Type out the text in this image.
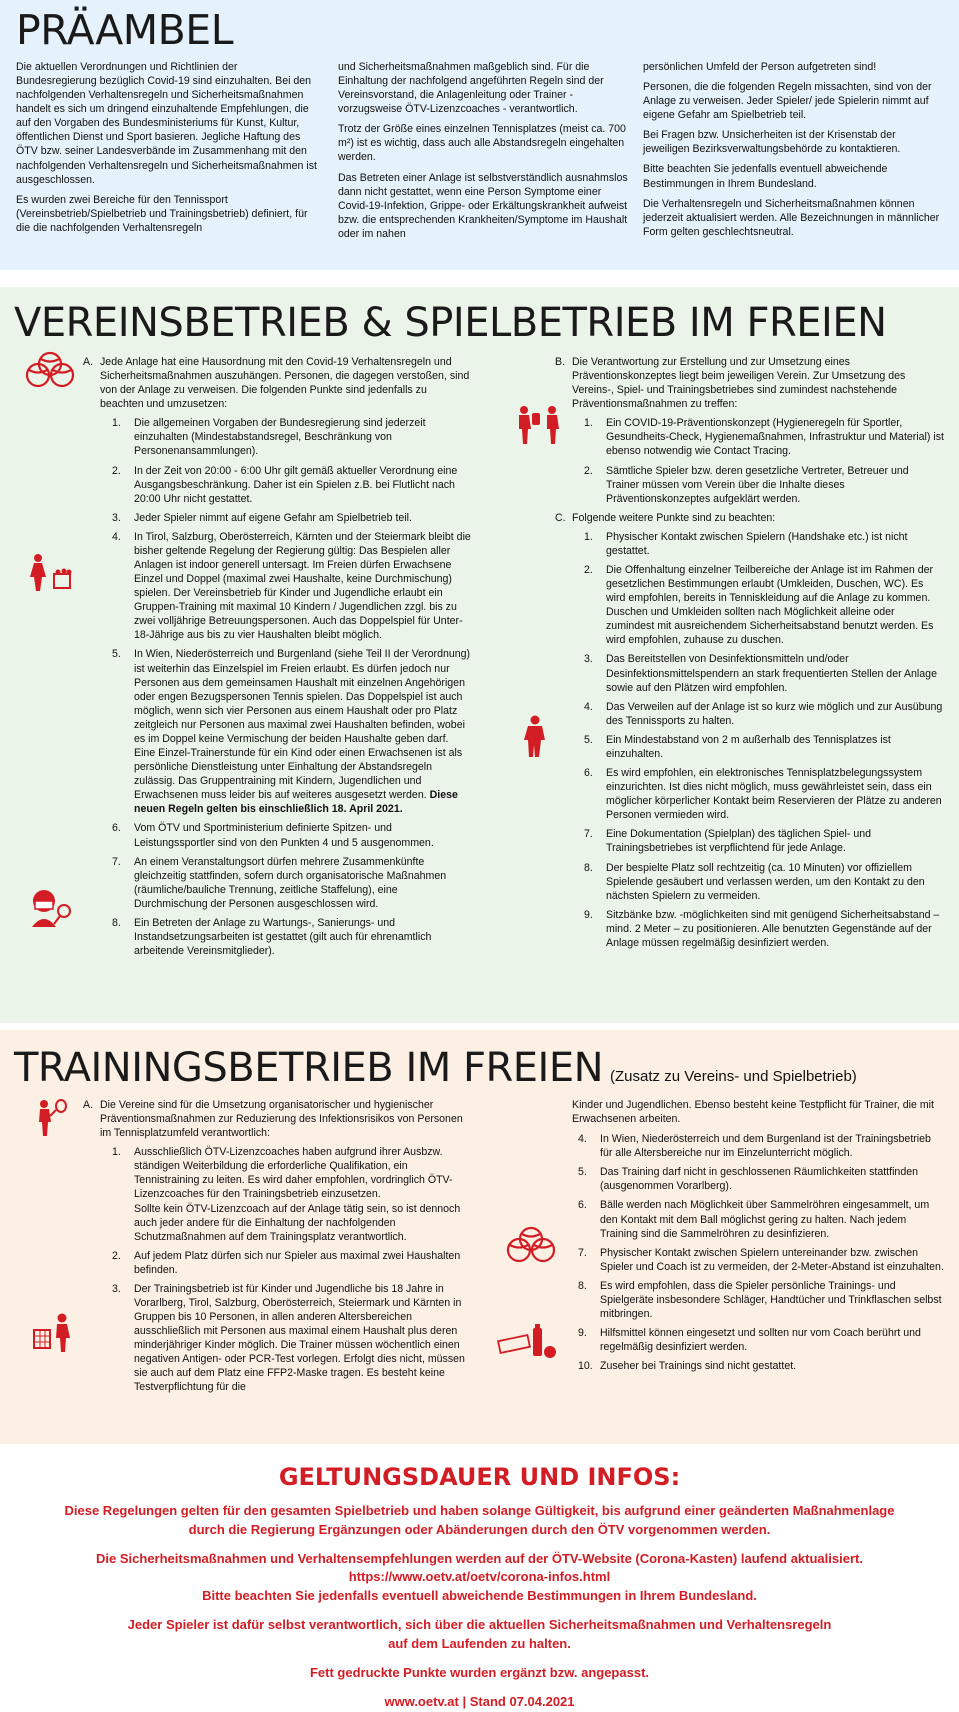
PRÄAMBEL

Die aktuellen Verordnungen und Richtlinien der Bundesregierung bezüglich Covid-19 sind einzuhalten. Bei den nachfolgenden Verhaltensregeln und Sicherheitsmaßnahmen handelt es sich um dringend einzuhaltende Empfehlungen, die auf den Vorgaben des Bundesministeriums für Kunst, Kultur, öffentlichen Dienst und Sport basieren. Jegliche Haftung des ÖTV bzw. seiner Landesverbände im Zusammenhang mit den nachfolgenden Verhaltensregeln und Sicherheitsmaßnahmen ist ausgeschlossen.

Es wurden zwei Bereiche für den Tennissport (Vereinsbetrieb/Spielbetrieb und Trainingsbetrieb) definiert, für die die nachfolgenden Verhaltensregeln

und Sicherheitsmaßnahmen maßgeblich sind. Für die Einhaltung der nachfolgend angeführten Regeln sind der Vereinsvorstand, die Anlagenleitung oder Trainer - vorzugsweise ÖTV-Lizenzcoaches - verantwortlich.

Trotz der Größe eines einzelnen Tennisplatzes (meist ca. 700 m²) ist es wichtig, dass auch alle Abstandsregeln eingehalten werden.

Das Betreten einer Anlage ist selbstverständlich ausnahmslos dann nicht gestattet, wenn eine Person Symptome einer Covid-19-Infektion, Grippe- oder Erkältungskrankheit aufweist bzw. die entsprechenden Krankheiten/Symptome im Haushalt oder im nahen

persönlichen Umfeld der Person aufgetreten sind!

Personen, die die folgenden Regeln missachten, sind von der Anlage zu verweisen. Jeder Spieler/ jede Spielerin nimmt auf eigene Gefahr am Spielbetrieb teil.

Bei Fragen bzw. Unsicherheiten ist der Krisenstab der jeweiligen Bezirksverwaltungsbehörde zu kontaktieren.

Bitte beachten Sie jedenfalls eventuell abweichende Bestimmungen in Ihrem Bundesland.

Die Verhaltensregeln und Sicherheitsmaßnahmen können jederzeit aktualisiert werden. Alle Bezeichnungen in männlicher Form gelten geschlechtsneutral.

VEREINSBETRIEB & SPIELBETRIEB IM FREIEN
A. Jede Anlage hat eine Hausordnung mit den Covid-19 Verhaltensregeln und Sicherheitsmaßnahmen auszuhängen. Personen, die dagegen verstoßen, sind von der Anlage zu verweisen. Die folgenden Punkte sind jedenfalls zu beachten und umzusetzen:
1. Die allgemeinen Vorgaben der Bundesregierung sind jederzeit einzuhalten (Mindestabstandsregel, Beschränkung von Personenansammlungen).
2. In der Zeit von 20:00 - 6:00 Uhr gilt gemäß aktueller Verordnung eine Ausgangsbeschränkung. Daher ist ein Spielen z.B. bei Flutlicht nach 20:00 Uhr nicht gestattet.
3. Jeder Spieler nimmt auf eigene Gefahr am Spielbetrieb teil.
4. In Tirol, Salzburg, Oberösterreich, Kärnten und der Steiermark bleibt die bisher geltende Regelung der Regierung gültig: Das Bespielen aller Anlagen ist indoor generell untersagt. Im Freien dürfen Erwachsene Einzel und Doppel (maximal zwei Haushalte, keine Durchmischung) spielen. Der Vereinsbetrieb für Kinder und Jugendliche erlaubt ein Gruppen-Training mit maximal 10 Kindern / Jugendlichen zzgl. bis zu zwei volljährige Betreuungspersonen. Auch das Doppelspiel für Unter-18-Jährige aus bis zu vier Haushalten bleibt möglich.
5. In Wien, Niederösterreich und Burgenland (siehe Teil II der Verordnung) ist weiterhin das Einzelspiel im Freien erlaubt. Es dürfen jedoch nur Personen aus dem gemeinsamen Haushalt mit einzelnen Angehörigen oder engen Bezugspersonen Tennis spielen. Das Doppelspiel ist auch möglich, wenn sich vier Personen aus einem Haushalt oder pro Platz zeitgleich nur Personen aus maximal zwei Haushalten befinden, wobei es im Doppel keine Vermischung der beiden Haushalte geben darf. Eine Einzel-Trainerstunde für ein Kind oder einen Erwachsenen ist als persönliche Dienstleistung unter Einhaltung der Abstandsregeln zulässig. Das Gruppentraining mit Kindern, Jugendlichen und Erwachsenen muss leider bis auf weiteres ausgesetzt werden. Diese neuen Regeln gelten bis einschließlich 18. April 2021.
6. Vom ÖTV und Sportministerium definierte Spitzen- und Leistungssportler sind von den Punkten 4 und 5 ausgenommen.
7. An einem Veranstaltungsort dürfen mehrere Zusammenkünfte gleichzeitig stattfinden, sofern durch organisatorische Maßnahmen (räumliche/bauliche Trennung, zeitliche Staffelung), eine Durchmischung der Personen ausgeschlossen wird.
8. Ein Betreten der Anlage zu Wartungs-, Sanierungs- und Instandsetzungsarbeiten ist gestattet (gilt auch für ehrenamtlich arbeitende Vereinsmitglieder).
B. Die Verantwortung zur Erstellung und zur Umsetzung eines Präventionskonzeptes liegt beim jeweiligen Verein. Zur Umsetzung des Vereins-, Spiel- und Trainingsbetriebes sind zumindest nachstehende Präventionsmaßnahmen zu treffen:
1. Ein COVID-19-Präventionskonzept (Hygieneregeln für Sportler, Gesundheits-Check, Hygienemaßnahmen, Infrastruktur und Material) ist ebenso notwendig wie Contact Tracing.
2. Sämtliche Spieler bzw. deren gesetzliche Vertreter, Betreuer und Trainer müssen vom Verein über die Inhalte dieses Präventionskonzeptes aufgeklärt werden.
C. Folgende weitere Punkte sind zu beachten:
1. Physischer Kontakt zwischen Spielern (Handshake etc.) ist nicht gestattet.
2. Die Offenhaltung einzelner Teilbereiche der Anlage ist im Rahmen der gesetzlichen Bestimmungen erlaubt (Umkleiden, Duschen, WC). Es wird empfohlen, bereits in Tenniskleidung auf die Anlage zu kommen. Duschen und Umkleiden sollten nach Möglichkeit alleine oder zumindest mit ausreichendem Sicherheitsabstand benutzt werden. Es wird empfohlen, zuhause zu duschen.
3. Das Bereitstellen von Desinfektionsmitteln und/oder Desinfektionsmittelspendern an stark frequentierten Stellen der Anlage sowie auf den Plätzen wird empfohlen.
4. Das Verweilen auf der Anlage ist so kurz wie möglich und zur Ausübung des Tennissports zu halten.
5. Ein Mindestabstand von 2 m außerhalb des Tennisplatzes ist einzuhalten.
6. Es wird empfohlen, ein elektronisches Tennisplatzbelegungssystem einzurichten. Ist dies nicht möglich, muss gewährleistet sein, dass ein möglicher körperlicher Kontakt beim Reservieren der Plätze zu anderen Personen vermieden wird.
7. Eine Dokumentation (Spielplan) des täglichen Spiel- und Trainingsbetriebes ist verpflichtend für jede Anlage.
8. Der bespielte Platz soll rechtzeitig (ca. 10 Minuten) vor offiziellem Spielende gesäubert und verlassen werden, um den Kontakt zu den nächsten Spielern zu vermeiden.
9. Sitzbänke bzw. -möglichkeiten sind mit genügend Sicherheitsabstand – mind. 2 Meter – zu positionieren. Alle benutzten Gegenstände auf der Anlage müssen regelmäßig desinfiziert werden.
TRAININGSBETRIEB IM FREIEN (Zusatz zu Vereins- und Spielbetrieb)
A. Die Vereine sind für die Umsetzung organisatorischer und hygienischer Präventionsmaßnahmen zur Reduzierung des Infektionsrisikos von Personen im Tennisplatzumfeld verantwortlich:
1. Ausschließlich ÖTV-Lizenzcoaches haben aufgrund ihrer Ausbzw. ständigen Weiterbildung die erforderliche Qualifikation, ein Tennistraining zu leiten. Es wird daher empfohlen, vordringlich ÖTV-Lizenzcoaches für den Trainingsbetrieb einzusetzen.
Sollte kein ÖTV-Lizenzcoach auf der Anlage tätig sein, so ist dennoch auch jeder andere für die Einhaltung der nachfolgenden Schutzmaßnahmen auf dem Trainingsplatz verantwortlich.
2. Auf jedem Platz dürfen sich nur Spieler aus maximal zwei Haushalten befinden.
3. Der Trainingsbetrieb ist für Kinder und Jugendliche bis 18 Jahre in Vorarlberg, Tirol, Salzburg, Oberösterreich, Steiermark und Kärnten in Gruppen bis 10 Personen, in allen anderen Altersbereichen ausschließlich mit Personen aus maximal einem Haushalt plus deren minderjähriger Kinder möglich. Die Trainer müssen wöchentlich einen negativen Antigen- oder PCR-Test vorlegen. Erfolgt dies nicht, müssen sie auch auf dem Platz eine FFP2-Maske tragen. Es besteht keine Testverpflichtung für die

Kinder und Jugendlichen. Ebenso besteht keine Testpflicht für Trainer, die mit Erwachsenen arbeiten.

4. In Wien, Niederösterreich und dem Burgenland ist der Trainingsbetrieb für alle Altersbereiche nur im Einzelunterricht möglich.
5. Das Training darf nicht in geschlossenen Räumlichkeiten stattfinden (ausgenommen Vorarlberg).
6. Bälle werden nach Möglichkeit über Sammelröhren eingesammelt, um den Kontakt mit dem Ball möglichst gering zu halten. Nach jedem Training sind die Sammelröhren zu desinfizieren.
7. Physischer Kontakt zwischen Spielern untereinander bzw. zwischen Spieler und Coach ist zu vermeiden, der 2-Meter-Abstand ist einzuhalten.
8. Es wird empfohlen, dass die Spieler persönliche Trainings- und Spielgeräte insbesondere Schläger, Handtücher und Trinkflaschen selbst mitbringen.
9. Hilfsmittel können eingesetzt und sollten nur vom Coach berührt und regelmäßig desinfiziert werden.
10. Zuseher bei Trainings sind nicht gestattet.
GELTUNGSDAUER UND INFOS:

Diese Regelungen gelten für den gesamten Spielbetrieb und haben solange Gültigkeit, bis aufgrund einer geänderten Maßnahmenlage

durch die Regierung Ergänzungen oder Abänderungen durch den ÖTV vorgenommen werden.

Die Sicherheitsmaßnahmen und Verhaltensempfehlungen werden auf der ÖTV-Website (Corona-Kasten) laufend aktualisiert.

https://www.oetv.at/oetv/corona-infos.html

Bitte beachten Sie jedenfalls eventuell abweichende Bestimmungen in Ihrem Bundesland.

Jeder Spieler ist dafür selbst verantwortlich, sich über die aktuellen Sicherheitsmaßnahmen und Verhaltensregeln

auf dem Laufenden zu halten.

Fett gedruckte Punkte wurden ergänzt bzw. angepasst.

www.oetv.at | Stand 07.04.2021
